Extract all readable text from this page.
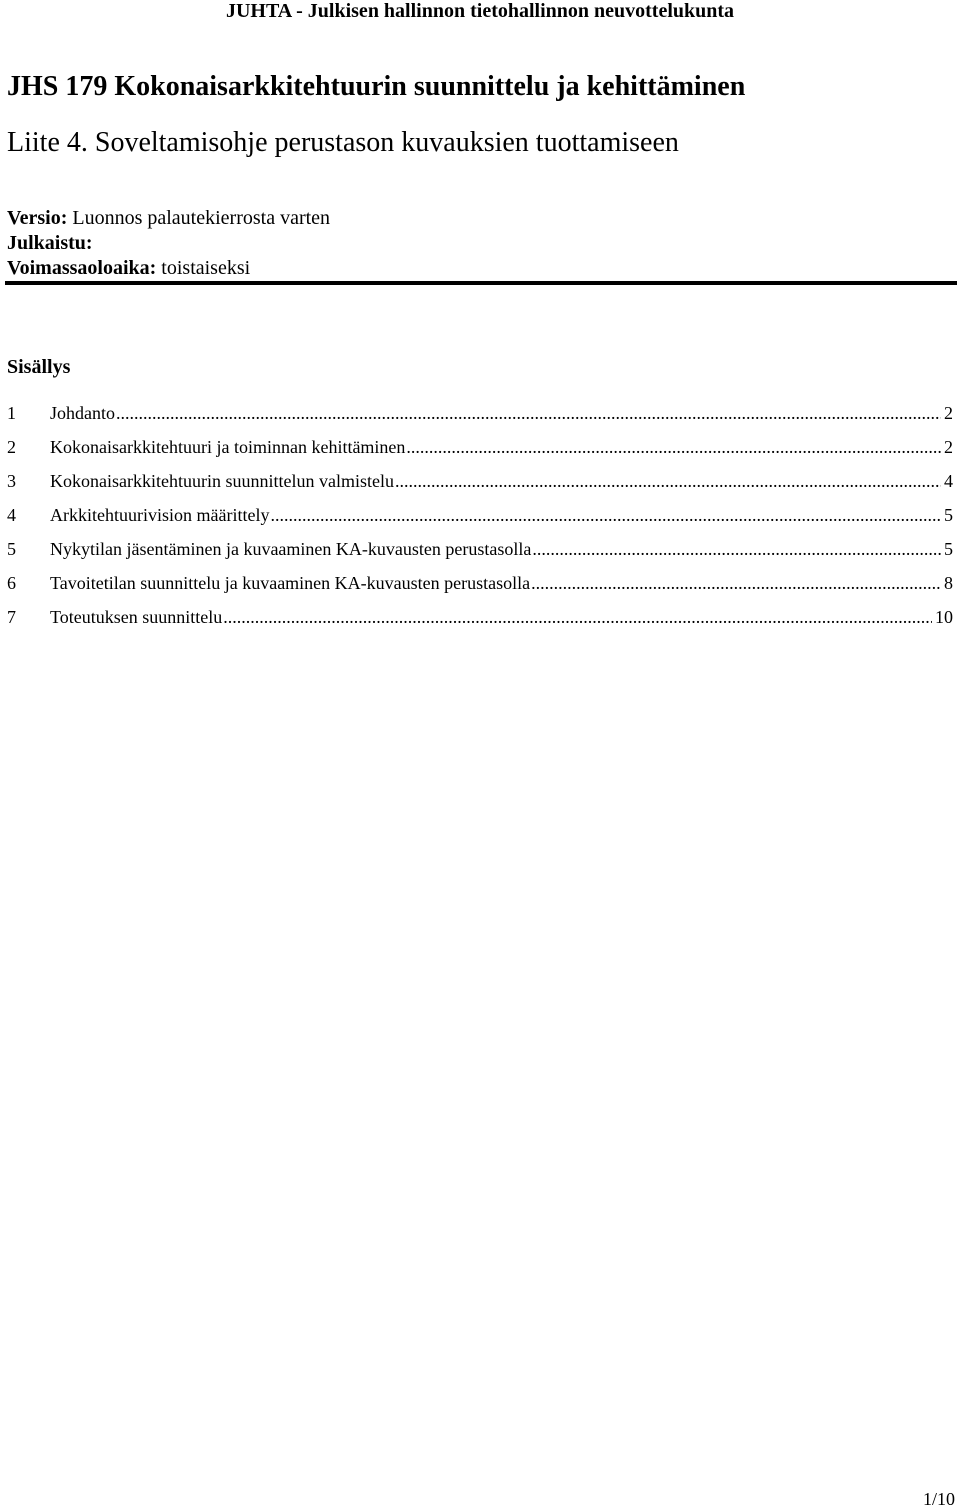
JUHTA - Julkisen hallinnon tietohallinnon neuvottelukunta
JHS 179 Kokonaisarkkitehtuurin suunnittelu ja kehittäminen
Liite 4. Soveltamisohje perustason kuvauksien tuottamiseen
Versio: Luonnos palautekierrosta varten
Julkaistu:
Voimassaoloaika: toistaiseksi
Sisällys
1	Johdanto .....	2
2	Kokonaisarkkitehtuuri ja toiminnan kehittäminen .....	2
3	Kokonaisarkkitehtuurin suunnittelun valmistelu .....	4
4	Arkkitehtuurivision määrittely .....	5
5	Nykytilan jäsentäminen ja kuvaaminen KA-kuvausten perustasolla .....	5
6	Tavoitetilan suunnittelu ja kuvaaminen KA-kuvausten perustasolla .....	8
7	Toteutuksen suunnittelu .....	10
1/10
